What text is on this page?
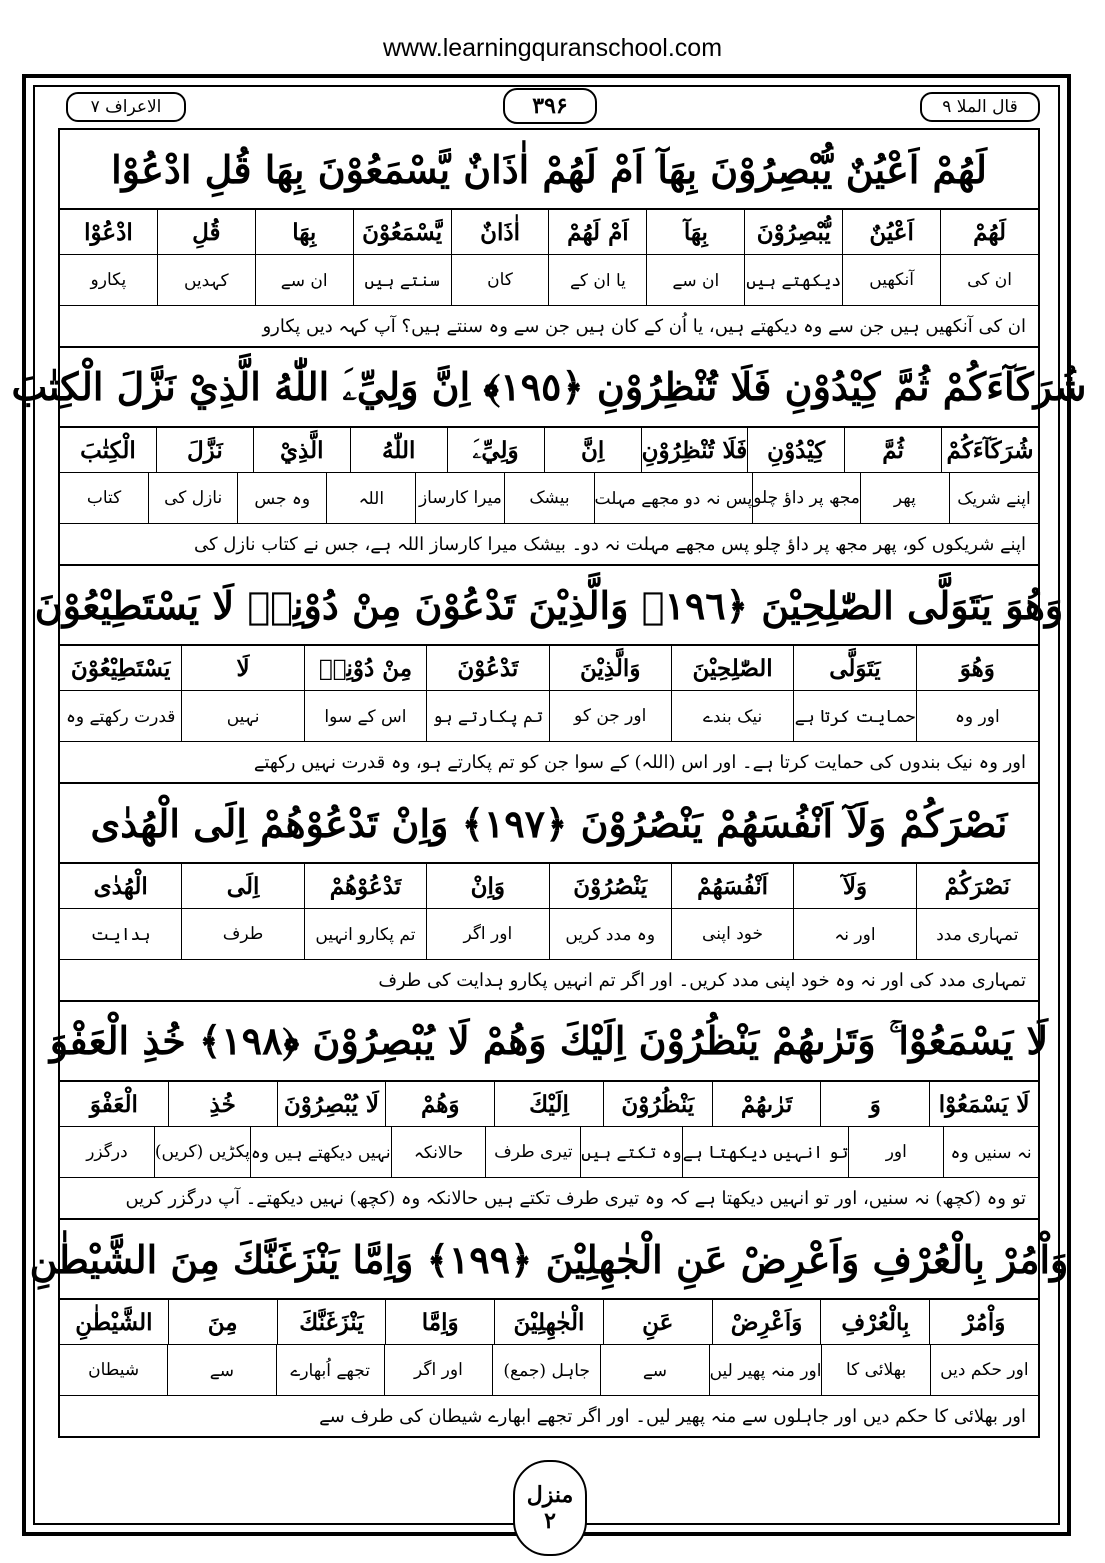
www.learningquranschool.com
قال الملا ۹
۳۹۶
الاعراف ۷
لَهُمْ اَعْيُنٌ يُّبْصِرُوْنَ بِهَآ اَمْ لَهُمْ اٰذَانٌ يَّسْمَعُوْنَ بِهَا قُلِ ادْعُوْا
لَهُمْ
اَعْيُنٌ
يُّبْصِرُوْنَ
بِهَآ
اَمْ لَهُمْ
اٰذَانٌ
يَّسْمَعُوْنَ
بِهَا
قُلِ
ادْعُوْا
ان کی
آنکھیں
دیکھتے ہیں
ان سے
یا ان کے
کان
سنتے ہیں
ان سے
کہدیں
پکارو
ان کی آنکھیں ہیں جن سے وہ دیکھتے ہیں، یا اُن کے کان ہیں جن سے وہ سنتے ہیں؟ آپ کہہ دیں پکارو
شُرَكَآءَكُمْ ثُمَّ كِيْدُوْنِ فَلَا تُنْظِرُوْنِ ﴿١٩٥﴾ اِنَّ وَلِيِّۦَ اللّٰهُ الَّذِيْ نَزَّلَ الْكِتٰبَ
شُرَكَآءَكُمْ
ثُمَّ
كِيْدُوْنِ
فَلَا تُنْظِرُوْنِ
اِنَّ
وَلِيِّۦَ
اللّٰهُ
الَّذِيْ
نَزَّلَ
الْكِتٰبَ
اپنے شریک
پھر
مجھ پر داؤ چلو
پس نہ دو مجھے مہلت
بیشک
میرا کارساز
اللہ
وہ جس
نازل کی
کتاب
اپنے شریکوں کو، پھر مجھ پر داؤ چلو پس مجھے مہلت نہ دو۔ بیشک میرا کارساز اللہ ہے، جس نے کتاب نازل کی
وَهُوَ يَتَوَلَّى الصّٰلِحِيْنَ ﴿١٩٦﴾ وَالَّذِيْنَ تَدْعُوْنَ مِنْ دُوْنِهٖ لَا يَسْتَطِيْعُوْنَ
وَهُوَ
يَتَوَلَّى
الصّٰلِحِيْنَ
وَالَّذِيْنَ
تَدْعُوْنَ
مِنْ دُوْنِهٖ
لَا
يَسْتَطِيْعُوْنَ
اور وہ
حمایت کرتا ہے
نیک بندے
اور جن کو
تم پکارتے ہو
اس کے سوا
نہیں
قدرت رکھتے وہ
اور وہ نیک بندوں کی حمایت کرتا ہے۔ اور اس (اللہ) کے سوا جن کو تم پکارتے ہو، وہ قدرت نہیں رکھتے
نَصْرَكُمْ وَلَآ اَنْفُسَهُمْ يَنْصُرُوْنَ ﴿١٩٧﴾ وَاِنْ تَدْعُوْهُمْ اِلَى الْهُدٰى
نَصْرَكُمْ
وَلَآ
اَنْفُسَهُمْ
يَنْصُرُوْنَ
وَاِنْ
تَدْعُوْهُمْ
اِلَى
الْهُدٰى
تمہاری مدد
اور نہ
خود اپنی
وہ مدد کریں
اور اگر
تم پکارو انہیں
طرف
ہدایت
تمہاری مدد کی اور نہ وہ خود اپنی مدد کریں۔ اور اگر تم انہیں پکارو ہدایت کی طرف
لَا يَسْمَعُوْا ۚ وَتَرٰىهُمْ يَنْظُرُوْنَ اِلَيْكَ وَهُمْ لَا يُبْصِرُوْنَ ﴿١٩٨﴾ خُذِ الْعَفْوَ
لَا يَسْمَعُوْا
وَ
تَرٰىهُمْ
يَنْظُرُوْنَ
اِلَيْكَ
وَهُمْ
لَا يُبْصِرُوْنَ
خُذِ
الْعَفْوَ
نہ سنیں وہ
اور
تو انہیں دیکھتا ہے
وہ تکتے ہیں
تیری طرف
حالانکہ
نہیں دیکھتے ہیں وہ
پکڑیں (کریں)
درگزر
تو وہ (کچھ) نہ سنیں، اور تو انہیں دیکھتا ہے کہ وہ تیری طرف تکتے ہیں حالانکہ وہ (کچھ) نہیں دیکھتے۔ آپ درگزر کریں
وَاْمُرْ بِالْعُرْفِ وَاَعْرِضْ عَنِ الْجٰهِلِيْنَ ﴿١٩٩﴾ وَاِمَّا يَنْزَغَنَّكَ مِنَ الشَّيْطٰنِ
وَاْمُرْ
بِالْعُرْفِ
وَاَعْرِضْ
عَنِ
الْجٰهِلِيْنَ
وَاِمَّا
يَنْزَغَنَّكَ
مِنَ
الشَّيْطٰنِ
اور حکم دیں
بھلائی کا
اور منہ پھیر لیں
سے
جاہل (جمع)
اور اگر
تجھے اُبھارے
سے
شیطان
اور بھلائی کا حکم دیں اور جاہلوں سے منہ پھیر لیں۔ اور اگر تجھے ابھارے شیطان کی طرف سے
منزل
۲
